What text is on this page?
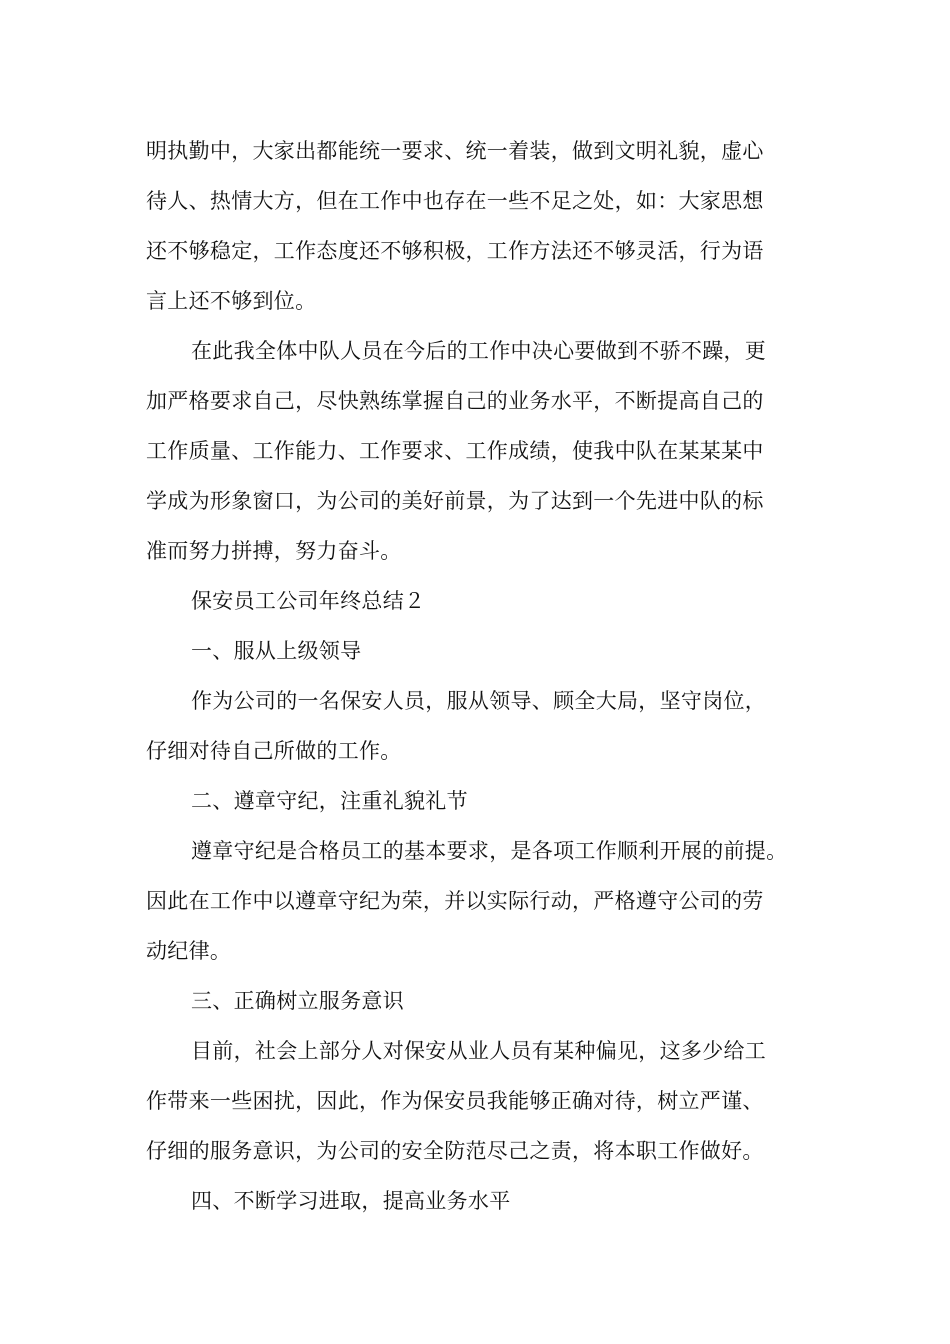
明执勤中，大家出都能统一要求、统一着装，做到文明礼貌，虚心
待人、热情大方，但在工作中也存在一些不足之处，如：大家思想
还不够稳定，工作态度还不够积极，工作方法还不够灵活，行为语
言上还不够到位。

在此我全体中队人员在今后的工作中决心要做到不骄不躁，更
加严格要求自己，尽快熟练掌握自己的业务水平，不断提高自己的
工作质量、工作能力、工作要求、工作成绩，使我中队在某某某中
学成为形象窗口，为公司的美好前景，为了达到一个先进中队的标
准而努力拼搏，努力奋斗。

保安员工公司年终总结２

一、服从上级领导

作为公司的一名保安人员，服从领导、顾全大局，坚守岗位，
仔细对待自己所做的工作。

二、遵章守纪，注重礼貌礼节

遵章守纪是合格员工的基本要求，是各项工作顺利开展的前提。
因此在工作中以遵章守纪为荣，并以实际行动，严格遵守公司的劳
动纪律。

三、正确树立服务意识

目前，社会上部分人对保安从业人员有某种偏见，这多少给工
作带来一些困扰，因此，作为保安员我能够正确对待，树立严谨、
仔细的服务意识，为公司的安全防范尽己之责，将本职工作做好。

四、不断学习进取，提高业务水平
